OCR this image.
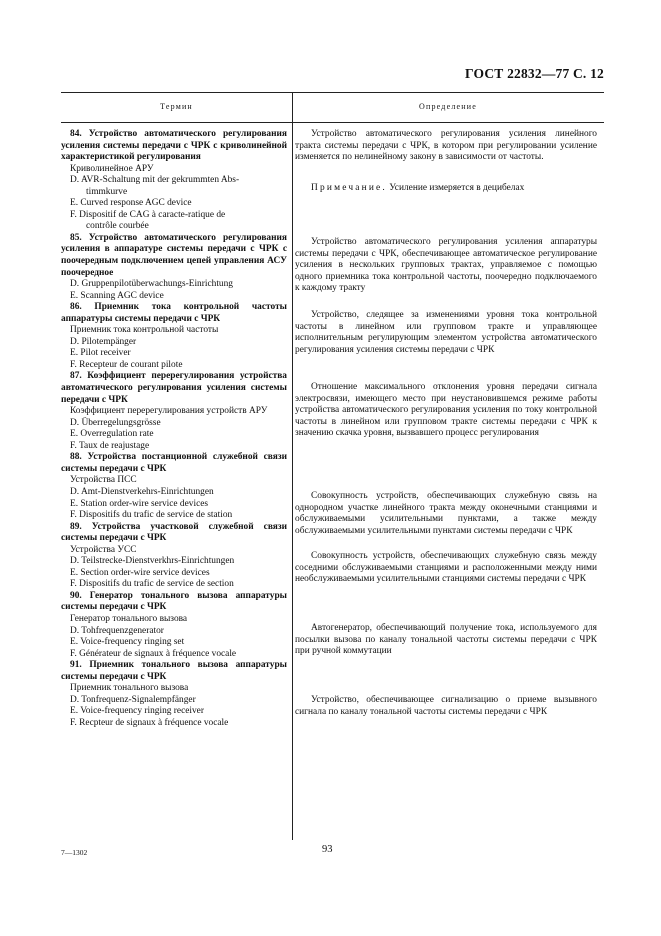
ГОСТ 22832—77 С. 12
Термин	Определение
84. Устройство автоматического регулирования усиления системы передачи с ЧРК с криволинейной характеристикой регулирования
Криволинейное АРУ
D. AVR-Schaltung mit der gekrummten Abs-
timmkurve
E. Curved response AGC device
F. Dispositif de CAG à caracte-ratique de
contrôle courbée
85. Устройство автоматического регулирования усиления в аппаратуре системы передачи с ЧРК с поочередным подключением цепей управления АСУ поочередное
D. Gruppenpilotüberwachungs-Einrichtung
E. Scanning AGC device
86. Приемник тока контрольной частоты аппаратуры системы передачи с ЧРК
Приемник тока контрольной частоты
D. Pilotempänger
E. Pilot receiver
F. Recepteur de courant pilote
87. Коэффициент перерегулирования устройства автоматического регулирования усиления системы передачи с ЧРК
Коэффициент перерегулирования устройств АРУ
D. Überregelungsgrösse
E. Overregulation rate
F. Taux de reajustage
88. Устройства постанционной служебной связи системы передачи с ЧРК
Устройства ПСС
D. Amt-Dienstverkehrs-Einrichtungen
E. Station order-wire service devices
F. Dispositifs du trafic de service de station
89. Устройства участковой служебной связи системы передачи с ЧРК
Устройства УСС
D. Teilstrecke-Dienstverkhrs-Einrichtungen
E. Section order-wire service devices
F. Dispositifs du trafic de service de section
90. Генератор тонального вызова аппаратуры системы передачи с ЧРК
Генератор тонального вызова
D. Tohfrequenzgenerator
E. Voice-frequency ringing set
F. Générateur de signaux à fréquence vocale
91. Приемник тонального вызова аппаратуры системы передачи с ЧРК
Приемник тонального вызова
D. Tonfrequenz-Signalempfänger
E. Voice-frequency ringing receiver
F. Recpteur de signaux à fréquence vocale
Устройство автоматического регулирования усиления линейного тракта системы передачи с ЧРК, в котором при регулировании усиление изменяется по нелинейному закону в зависимости от частоты.
Примечание. Усиление измеряется в децибелах
Устройство автоматического регулирования усиления аппаратуры системы передачи с ЧРК, обеспечивающее автоматическое регулирование усиления в нескольких групповых трактах, управляемое с помощью одного приемника тока контрольной частоты, поочередно подключаемого к каждому тракту
Устройство, следящее за изменениями уровня тока контрольной частоты в линейном или групповом тракте и управляющее исполнительным регулирующим элементом устройства автоматического регулирования усиления системы передачи с ЧРК
Отношение максимального отклонения уровня передачи сигнала электросвязи, имеющего место при неустановившемся режиме работы устройства автоматического регулирования усиления по току контрольной частоты в линейном или групповом тракте системы передачи с ЧРК к значению скачка уровня, вызвавшего процесс регулирования
Совокупность устройств, обеспечивающих служебную связь на однородном участке линейного тракта между оконечными станциями и обслуживаемыми усилительными пунктами, а также между обслуживаемыми усилительными пунктами системы передачи с ЧРК
Совокупность устройств, обеспечивающих служебную связь между соседними обслуживаемыми станциями и расположенными между ними необслуживаемыми усилительными станциями системы передачи с ЧРК
Автогенератор, обеспечивающий получение тока, используемого для посылки вызова по каналу тональной частоты системы передачи с ЧРК при ручной коммутации
Устройство, обеспечивающее сигнализацию о приеме вызывного сигнала по каналу тональной частоты системы передачи с ЧРК
7—1302	93
